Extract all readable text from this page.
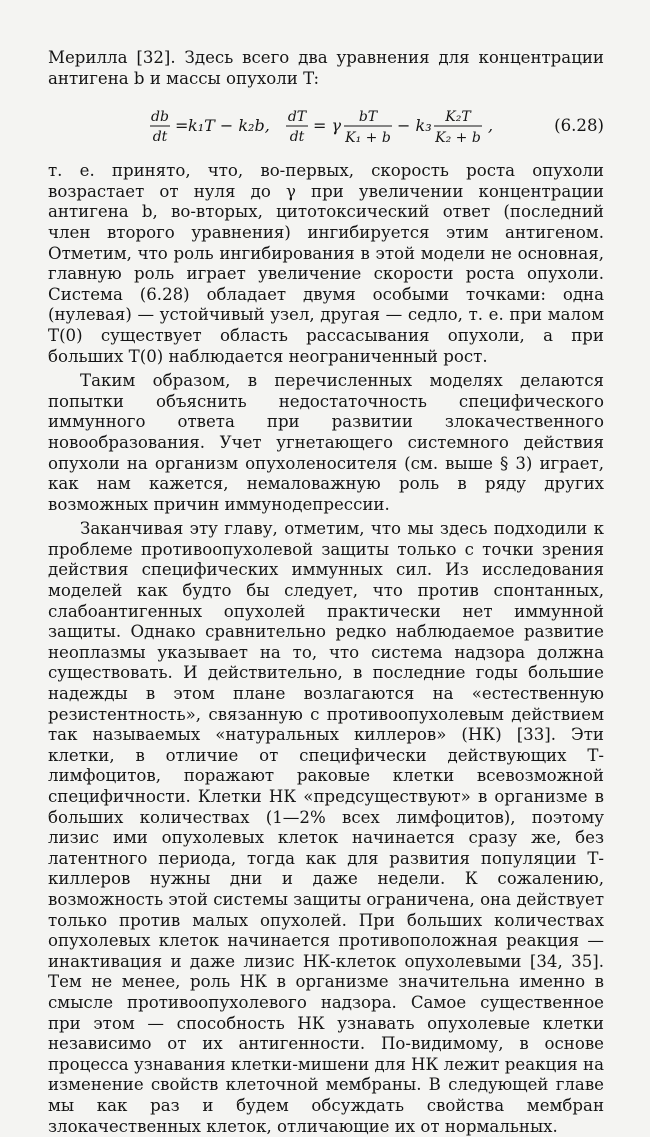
Мерилла [32]. Здесь всего два уравнения для концентрации антигена b и массы опухоли T:

db
dt
= k₁T − k₂b, dT
dt
= γ bT
K₁ + b
− k₃ K₂T
K₂ + b
,	(6.28)

т. е. принято, что, во-первых, скорость роста опухоли возрастает от нуля до γ при увеличении концентрации антигена b, во-вторых, цитотоксический ответ (последний член второго уравнения) ингибируется этим антигеном. Отметим, что роль ингибирования в этой модели не основная, главную роль играет увеличение скорости роста опухоли. Система (6.28) обладает двумя особыми точками: одна (нулевая) — устойчивый узел, другая — седло, т. е. при малом T(0) существует область рассасывания опухоли, а при больших T(0) наблюдается неограниченный рост.

Таким образом, в перечисленных моделях делаются попытки объяснить недостаточность специфического иммунного ответа при развитии злокачественного новообразования. Учет угнетающего системного действия опухоли на организм опухоленосителя (см. выше § 3) играет, как нам кажется, немаловажную роль в ряду других возможных причин иммунодепрессии.

Заканчивая эту главу, отметим, что мы здесь подходили к проблеме противоопухолевой защиты только с точки зрения действия специфических иммунных сил. Из исследования моделей как будто бы следует, что против спонтанных, слабоантигенных опухолей практически нет иммунной защиты. Однако сравнительно редко наблюдаемое развитие неоплазмы указывает на то, что система надзора должна существовать. И действительно, в последние годы большие надежды в этом плане возлагаются на «естественную резистентность», связанную с противоопухолевым действием так называемых «натуральных киллеров» (НК) [33]. Эти клетки, в отличие от специфически действующих Т-лимфоцитов, поражают раковые клетки всевозможной специфичности. Клетки НК «предсуществуют» в организме в больших количествах (1—2% всех лимфоцитов), поэтому лизис ими опухолевых клеток начинается сразу же, без латентного периода, тогда как для развития популяции Т-киллеров нужны дни и даже недели. К сожалению, возможность этой системы защиты ограничена, она действует только против малых опухолей. При больших количествах опухолевых клеток начинается противоположная реакция — инактивация и даже лизис НК-клеток опухолевыми [34, 35]. Тем не менее, роль НК в организме значительна именно в смысле противоопухолевого надзора. Самое существенное при этом — способность НК узнавать опухолевые клетки независимо от их антигенности. По-видимому, в основе процесса узнавания клетки-мишени для НК лежит реакция на изменение свойств клеточной мембраны. В следующей главе мы как раз и будем обсуждать свойства мембран злокачественных клеток, отличающие их от нормальных.
